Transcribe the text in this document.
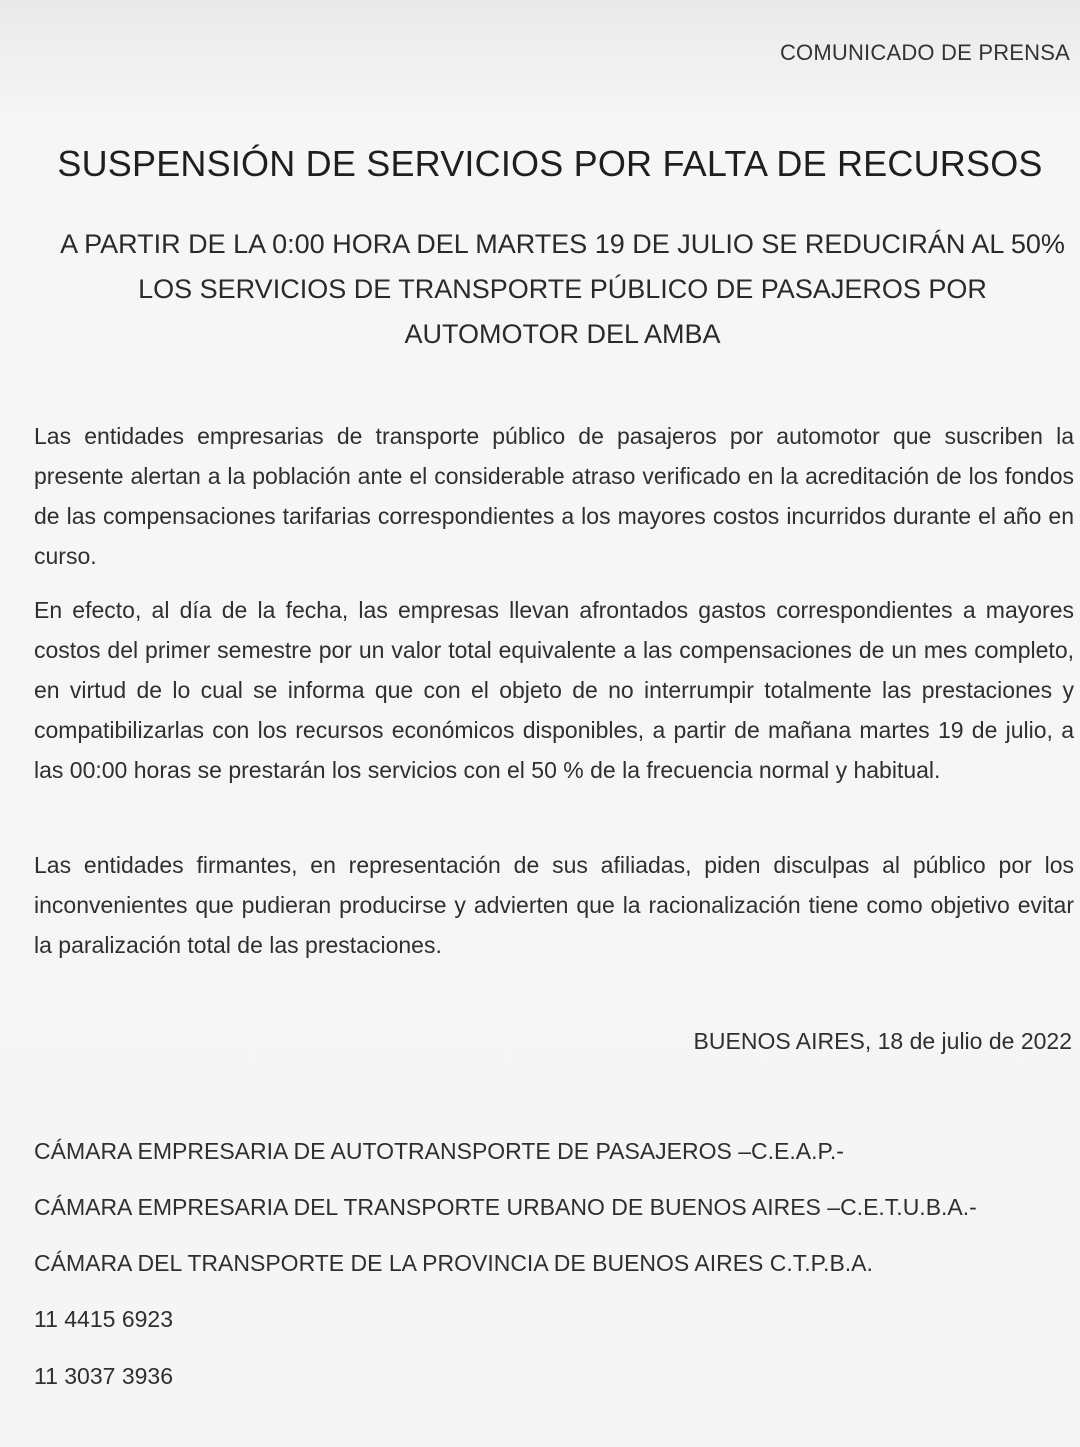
COMUNICADO DE PRENSA
SUSPENSIÓN DE SERVICIOS POR FALTA DE RECURSOS
A PARTIR DE LA 0:00 HORA DEL MARTES 19 DE JULIO SE REDUCIRÁN AL 50% LOS SERVICIOS DE TRANSPORTE PÚBLICO DE PASAJEROS POR AUTOMOTOR DEL AMBA
Las entidades empresarias de transporte público de pasajeros por automotor que suscriben la presente alertan a la población ante el considerable atraso verificado en la acreditación de los fondos de las compensaciones tarifarias correspondientes a los mayores costos incurridos durante el año en curso.
En efecto, al día de la fecha, las empresas llevan afrontados gastos correspondientes a mayores costos del primer semestre por un valor total equivalente a las compensaciones de un mes completo, en virtud de lo cual se informa que con el objeto de no interrumpir totalmente las prestaciones y compatibilizarlas con los recursos económicos disponibles, a partir de mañana martes 19 de julio, a las 00:00 horas se prestarán los servicios con el 50 % de la frecuencia normal y habitual.
Las entidades firmantes, en representación de sus afiliadas, piden disculpas al público por los inconvenientes que pudieran producirse y advierten que la racionalización tiene como objetivo evitar la paralización total de las prestaciones.
BUENOS AIRES, 18 de julio de 2022
CÁMARA EMPRESARIA DE AUTOTRANSPORTE DE PASAJEROS –C.E.A.P.-
CÁMARA EMPRESARIA DEL TRANSPORTE URBANO DE BUENOS AIRES –C.E.T.U.B.A.-
CÁMARA DEL TRANSPORTE DE LA PROVINCIA DE BUENOS AIRES C.T.P.B.A.
11 4415 6923
11 3037 3936
